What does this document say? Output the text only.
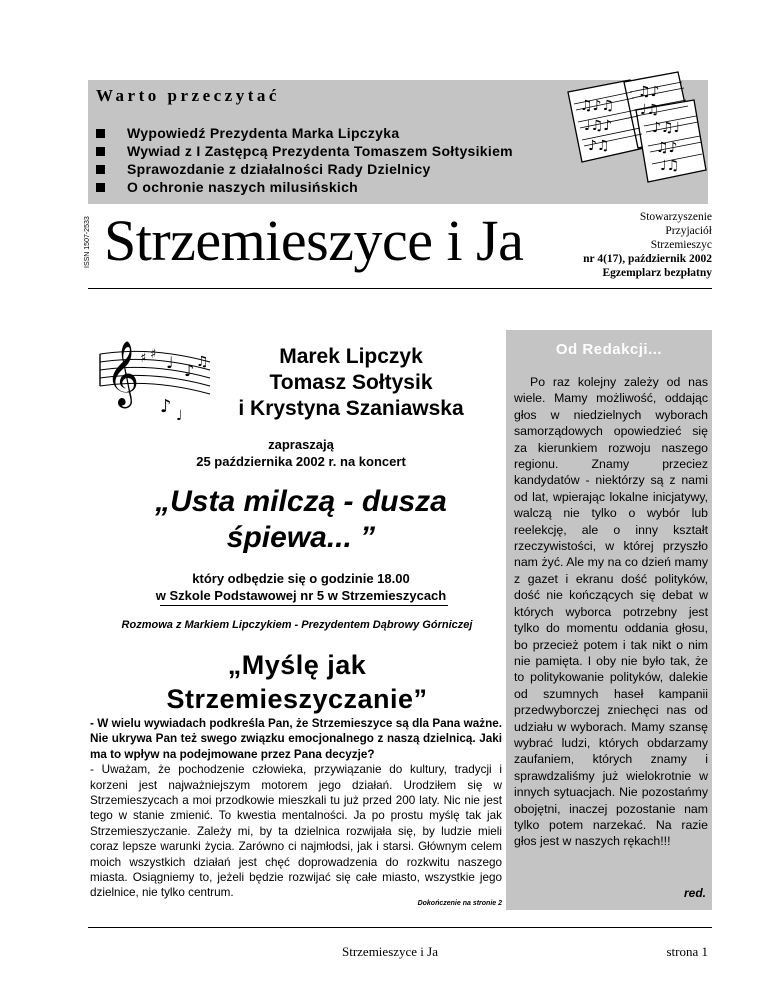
Warto przeczytać
Wypowiedź Prezydenta Marka Lipczyka
Wywiad z I Zastępcą Prezydenta Tomaszem Sołtysikiem
Sprawozdanie z działalności Rady Dzielnicy
O ochronie naszych milusińskich
♫♪♫
♩♫♪
♪♫
♫♪
♩♫
♪♫♩
♫♪
♩♫
ISSN 1507-2533 Strzemieszyce i Ja	Stowarzyszenie
Przyjaciół
Strzemieszyc
nr 4(17), październik 2002
Egzemplarz bezpłatny
𝄞 ♯ ♯ ♩ ♪ ♫
♪ ♩
Marek Lipczyk
Tomasz Sołtysik
i Krystyna Szaniawska
zapraszają
25 października 2002 r. na koncert
„Usta milczą - dusza
śpiewa... ”
który odbędzie się o godzinie 18.00
w Szkole Podstawowej nr 5 w Strzemieszycach
Rozmowa z Markiem Lipczykiem - Prezydentem Dąbrowy Górniczej
„Myślę jak
Strzemieszyczanie”

- W wielu wywiadach podkreśla Pan, że Strzemieszyce są dla Pana ważne. Nie ukrywa Pan też swego związku emocjonalnego z naszą dzielnicą. Jaki ma to wpływ na podejmowane przez Pana decyzje?

- Uważam, że pochodzenie człowieka, przywiązanie do kultury, tradycji i korzeni jest najważniejszym motorem jego działań. Urodziłem się w Strzemieszycach a moi przodkowie mieszkali tu już przed 200 laty. Nic nie jest tego w stanie zmienić. To kwestia mentalności. Ja po prostu myślę tak jak Strzemieszyczanie. Zależy mi, by ta dzielnica rozwijała się, by ludzie mieli coraz lepsze warunki życia. Zarówno ci najmłodsi, jak i starsi. Głównym celem moich wszystkich działań jest chęć doprowadzenia do rozkwitu naszego miasta. Osiągniemy to, jeżeli będzie rozwijać się całe miasto, wszystkie jego dzielnice, nie tylko centrum.

Dokończenie na stronie 2
Od Redakcji...
Po raz kolejny zależy od nas wiele. Mamy możliwość, oddając głos w niedzielnych wyborach samorządowych opowiedzieć się za kierunkiem rozwoju naszego regionu. Znamy przeciez kandydatów - niektórzy są z nami od lat, wpierając lokalne inicjatywy, walczą nie tylko o wybór lub reelekcję, ale o inny kształt rzeczywistości, w której przyszło nam żyć. Ale my na co dzień mamy z gazet i ekranu dość polityków, dość nie kończących się debat w których wyborca potrzebny jest tylko do momentu oddania głosu, bo przecież potem i tak nikt o nim nie pamięta. I oby nie było tak, że to politykowanie polityków, dalekie od szumnych haseł kampanii przedwyborczej zniechęci nas od udziału w wyborach. Mamy szansę wybrać ludzi, których obdarzamy zaufaniem, których znamy i sprawdzaliśmy już wielokrotnie w innych sytuacjach. Nie pozostańmy obojętni, inaczej pozostanie nam tylko potem narzekać. Na razie głos jest w naszych rękach!!!
red.
Strzemieszyce i Ja	strona 1
